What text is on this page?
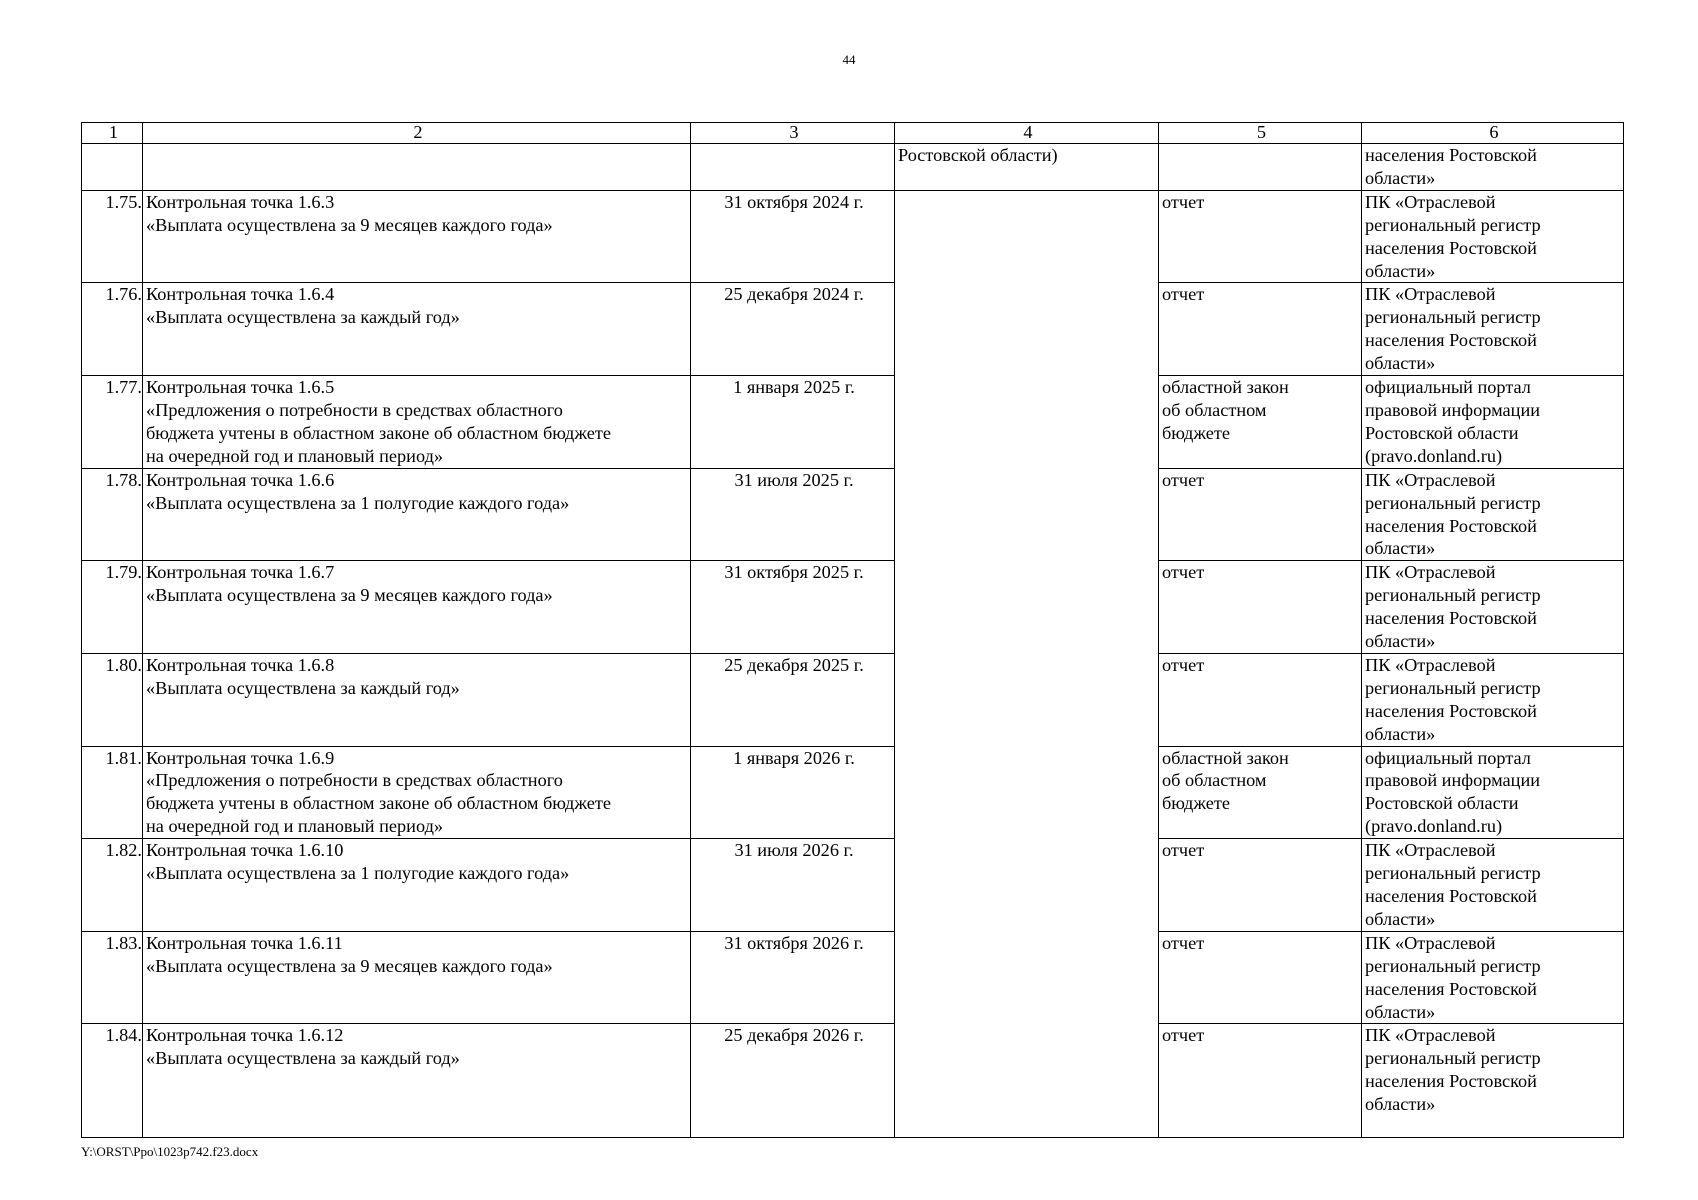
44
1	2	3	4	5	6
			Ростовской области)		населения Ростовской
области»

1.75.	Контрольная точка 1.6.3
«Выплата осуществлена за 9 месяцев каждого года»	31 октября 2024 г.		отчет	ПК «Отраслевой
региональный регистр
населения Ростовской
области»

1.76.	Контрольная точка 1.6.4
«Выплата осуществлена за каждый год»	25 декабря 2024 г.		отчет	ПК «Отраслевой
региональный регистр
населения Ростовской
области»

1.77.	Контрольная точка 1.6.5
«Предложения о потребности в средствах областного
бюджета учтены в областном законе об областном бюджете
на очередной год и плановый период»	1 января 2025 г.		областной закон
об областном
бюджете	официальный портал
правовой информации
Ростовской области
(pravo.donland.ru)

1.78.	Контрольная точка 1.6.6
«Выплата осуществлена за 1 полугодие каждого года»	31 июля 2025 г.		отчет	ПК «Отраслевой
региональный регистр
населения Ростовской
области»

1.79.	Контрольная точка 1.6.7
«Выплата осуществлена за 9 месяцев каждого года»	31 октября 2025 г.		отчет	ПК «Отраслевой
региональный регистр
населения Ростовской
области»

1.80.	Контрольная точка 1.6.8
«Выплата осуществлена за каждый год»	25 декабря 2025 г.		отчет	ПК «Отраслевой
региональный регистр
населения Ростовской
области»

1.81.	Контрольная точка 1.6.9
«Предложения о потребности в средствах областного
бюджета учтены в областном законе об областном бюджете
на очередной год и плановый период»	1 января 2026 г.		областной закон
об областном
бюджете	официальный портал
правовой информации
Ростовской области
(pravo.donland.ru)

1.82.	Контрольная точка 1.6.10
«Выплата осуществлена за 1 полугодие каждого года»	31 июля 2026 г.		отчет	ПК «Отраслевой
региональный регистр
населения Ростовской
области»

1.83.	Контрольная точка 1.6.11
«Выплата осуществлена за 9 месяцев каждого года»	31 октября 2026 г.		отчет	ПК «Отраслевой
региональный регистр
населения Ростовской
области»

1.84.	Контрольная точка 1.6.12
«Выплата осуществлена за каждый год»	25 декабря 2026 г.		отчет	ПК «Отраслевой
региональный регистр
населения Ростовской
области»
Y:\ORST\Ppo\1023p742.f23.docx
